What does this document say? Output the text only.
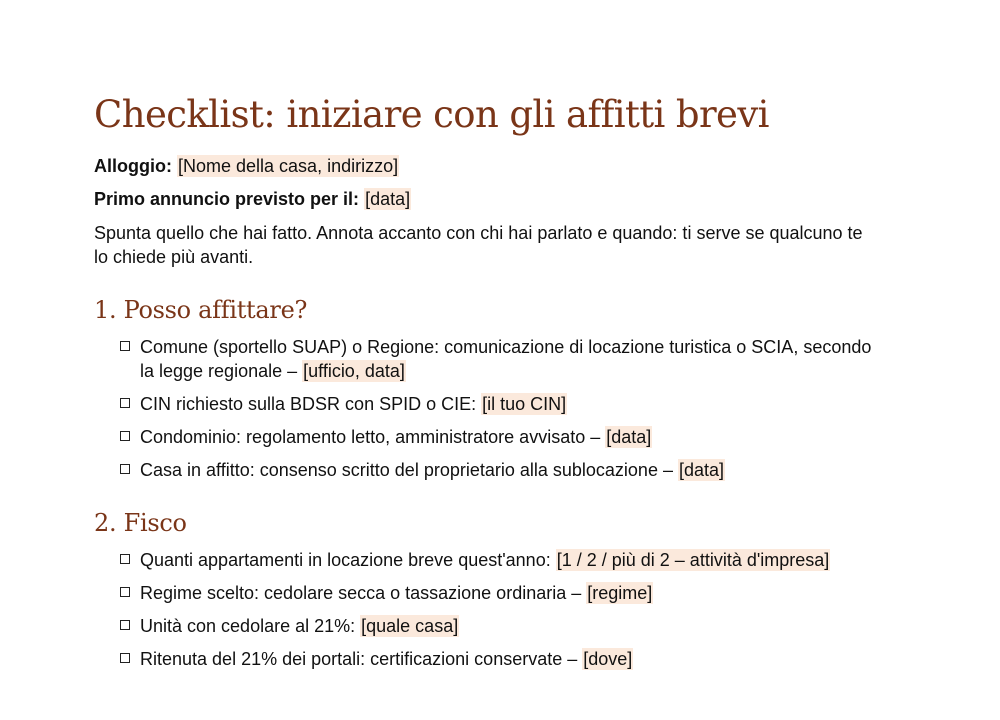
Checklist: iniziare con gli affitti brevi

Alloggio: [Nome della casa, indirizzo]

Primo annuncio previsto per il: [data]

Spunta quello che hai fatto. Annota accanto con chi hai parlato e quando: ti serve se qualcuno te lo chiede più avanti.

1. Posso affittare?
Comune (sportello SUAP) o Regione: comunicazione di locazione turistica o SCIA, secondo la legge regionale – [ufficio, data]
CIN richiesto sulla BDSR con SPID o CIE: [il tuo CIN]
Condominio: regolamento letto, amministratore avvisato – [data]
Casa in affitto: consenso scritto del proprietario alla sublocazione – [data]
2. Fisco
Quanti appartamenti in locazione breve quest'anno: [1 / 2 / più di 2 – attività d'impresa]
Regime scelto: cedolare secca o tassazione ordinaria – [regime]
Unità con cedolare al 21%: [quale casa]
Ritenuta del 21% dei portali: certificazioni conservate – [dove]
